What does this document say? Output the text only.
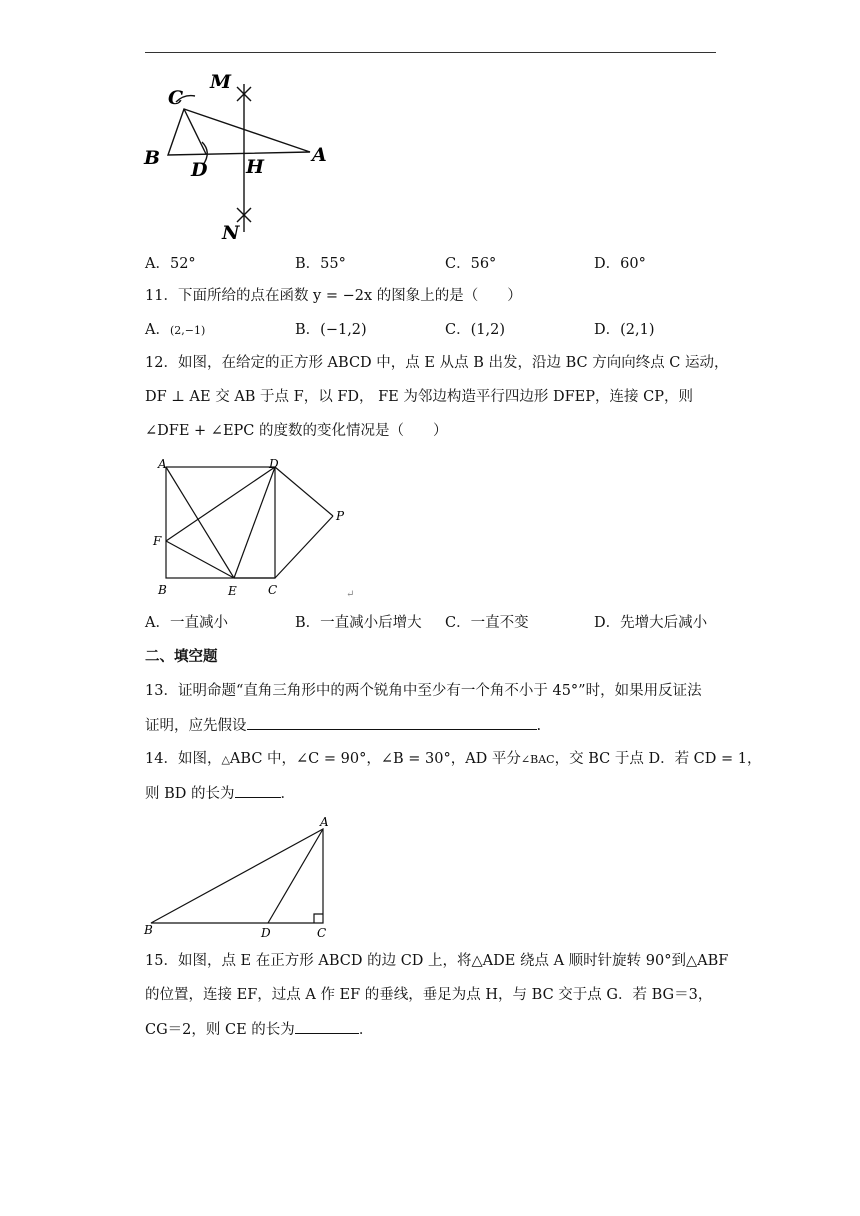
M
C
B
D H
A
N
A．52°	B．55°	C．56°	D．60°
11．下面所给的点在函数 y = −2x 的图象上的是（　　）
A．(2,−1)	B．(−1,2)	C．(1,2)	D．(2,1)
12．如图，在给定的正方形 ABCD 中，点 E 从点 B 出发，沿边 BC 方向向终点 C 运动，
DF ⊥ AE 交 AB 于点 F，以 FD， FE 为邻边构造平行四边形 DFEP，连接 CP，则
∠DFE + ∠EPC 的度数的变化情况是（　　）
A	D
P
F
B	E	C	↵
A．一直减小	B．一直减小后增大 C．一直不变	D．先增大后减小
二、填空题
13．证明命题“直角三角形中的两个锐角中至少有一个角不小于 45°”时，如果用反证法
证明，应先假设	.
14．如图，△ABC 中，∠C = 90°，∠B = 30°，AD 平分∠BAC，交 BC 于点 D．若 CD = 1，
则 BD 的长为	．
A
B	D	C
15．如图，点 E 在正方形 ABCD 的边 CD 上，将△ADE 绕点 A 顺时针旋转 90°到△ABF
的位置，连接 EF，过点 A 作 EF 的垂线，垂足为点 H，与 BC 交于点 G．若 BG＝3，
CG＝2，则 CE 的长为	．
